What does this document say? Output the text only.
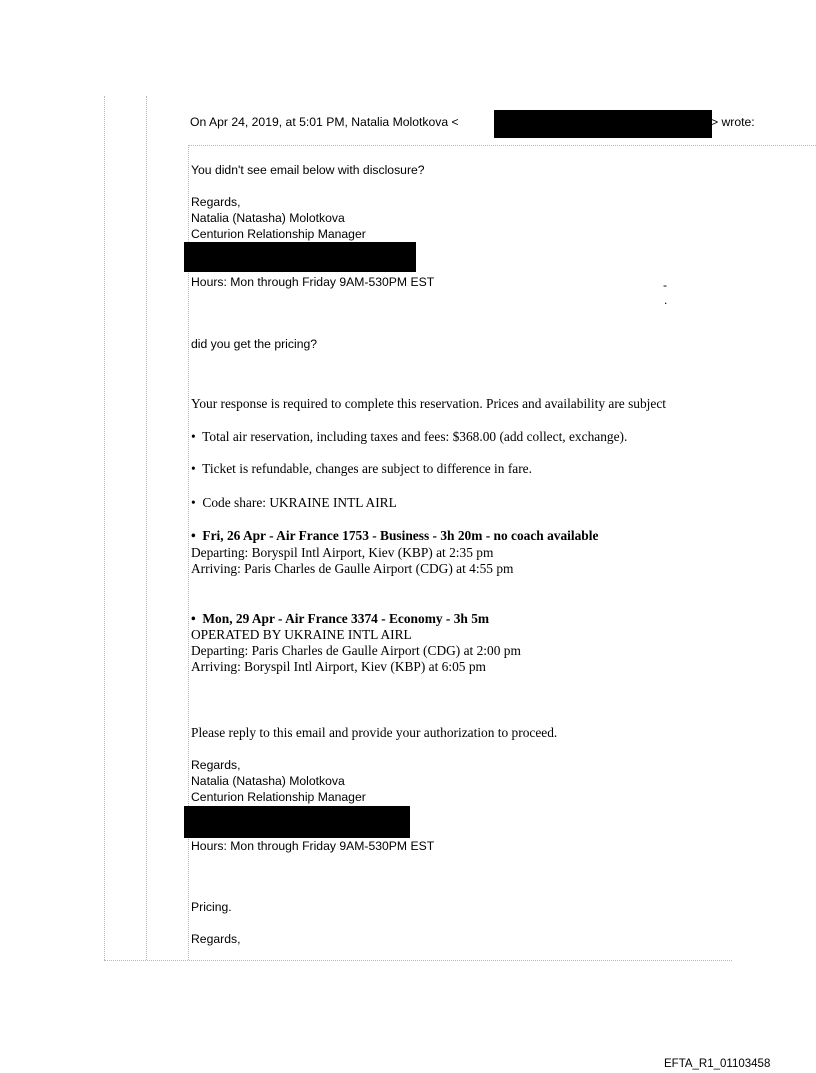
On Apr 24, 2019, at 5:01 PM, Natalia Molotkova <	> wrote:
You didn't see email below with disclosure?
Regards,
Natalia (Natasha) Molotkova
Centurion Relationship Manager
Hours: Mon through Friday 9AM-530PM EST	-
.
did you get the pricing?
Your response is required to complete this reservation. Prices and availability are subject
• Total air reservation, including taxes and fees: $368.00 (add collect, exchange).
• Ticket is refundable, changes are subject to difference in fare.
• Code share: UKRAINE INTL AIRL
• Fri, 26 Apr - Air France 1753 - Business - 3h 20m - no coach available
Departing: Boryspil Intl Airport, Kiev (KBP) at 2:35 pm
Arriving: Paris Charles de Gaulle Airport (CDG) at 4:55 pm
• Mon, 29 Apr - Air France 3374 - Economy - 3h 5m
OPERATED BY UKRAINE INTL AIRL
Departing: Paris Charles de Gaulle Airport (CDG) at 2:00 pm
Arriving: Boryspil Intl Airport, Kiev (KBP) at 6:05 pm
Please reply to this email and provide your authorization to proceed.
Regards,
Natalia (Natasha) Molotkova
Centurion Relationship Manager
Hours: Mon through Friday 9AM-530PM EST
Pricing.
Regards,
EFTA_R1_01103458
